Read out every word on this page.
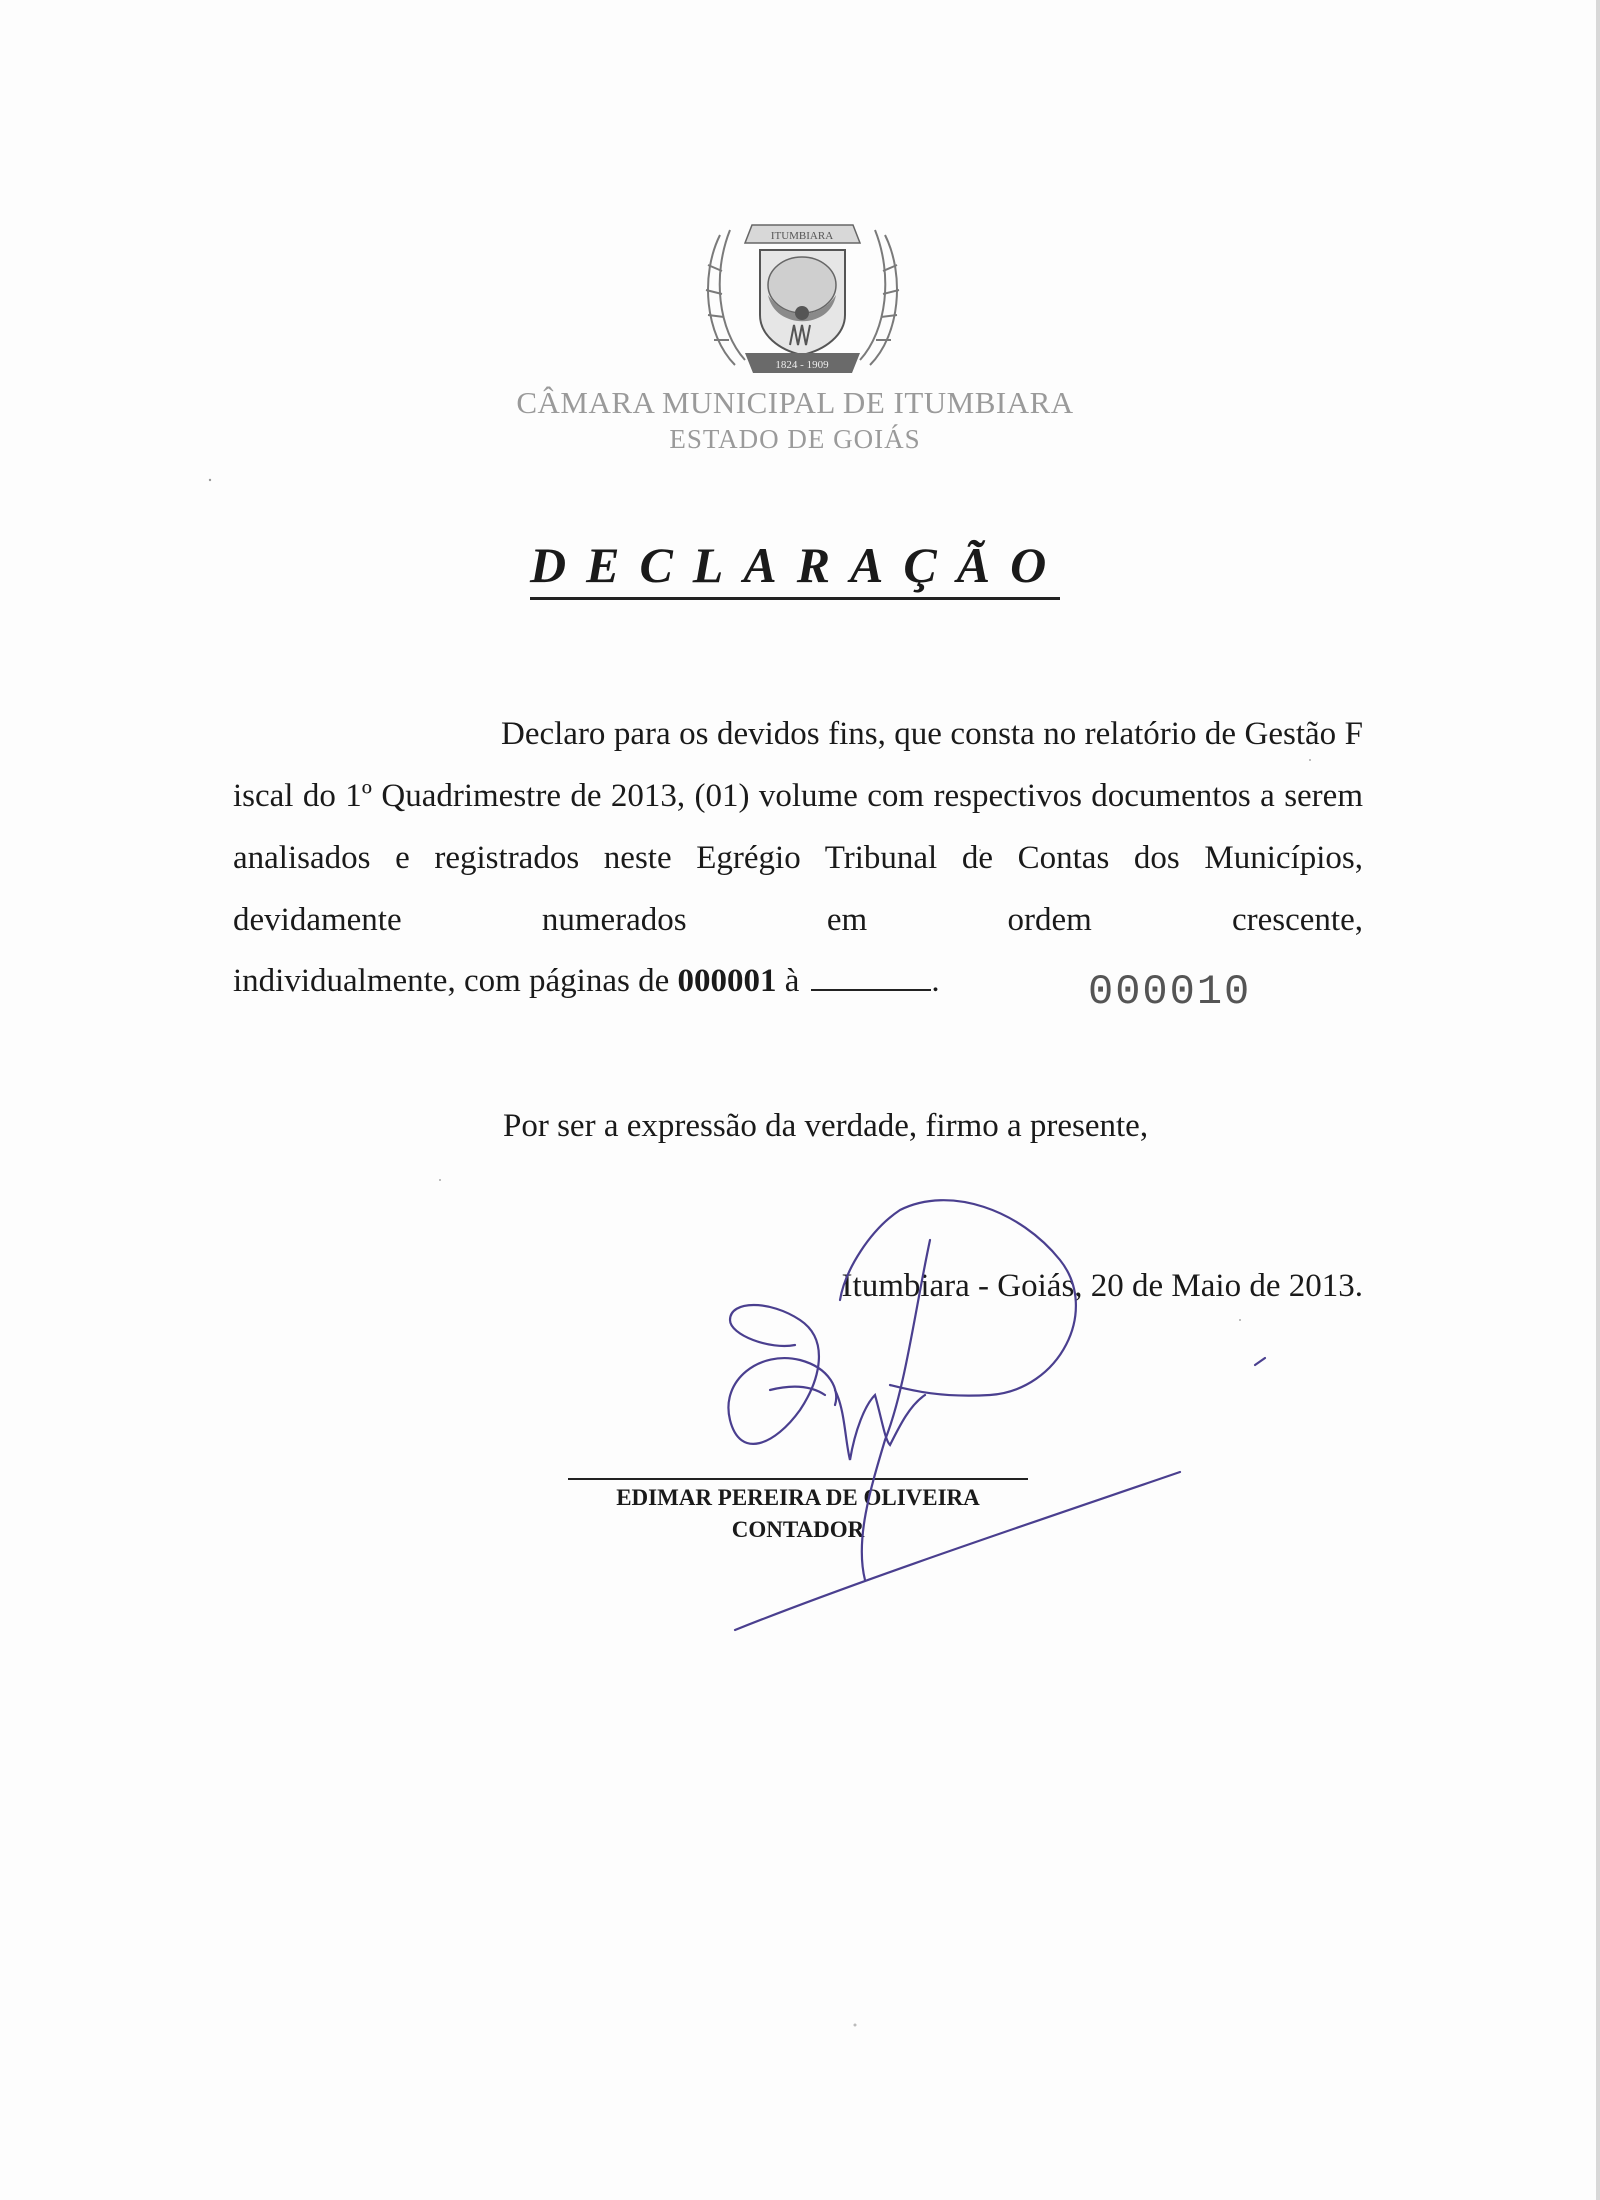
ITUMBIARA
1824 - 1909
CÂMARA MUNICIPAL DE ITUMBIARA
ESTADO DE GOIÁS
DECLARAÇÃO
Declaro para os devidos fins, que consta no relatório de Gestão F iscal do 1º Quadrimestre de 2013, (01) volume com respectivos documentos a serem analisados e registrados neste Egrégio Tribunal de Contas dos Municípios, devidamente numerados em ordem crescente,
individualmente, com páginas de 000001 à	.	000010
Por ser a expressão da verdade, firmo a presente,
Itumbiara - Goiás, 20 de Maio de 2013.
EDIMAR PEREIRA DE OLIVEIRA
CONTADOR
